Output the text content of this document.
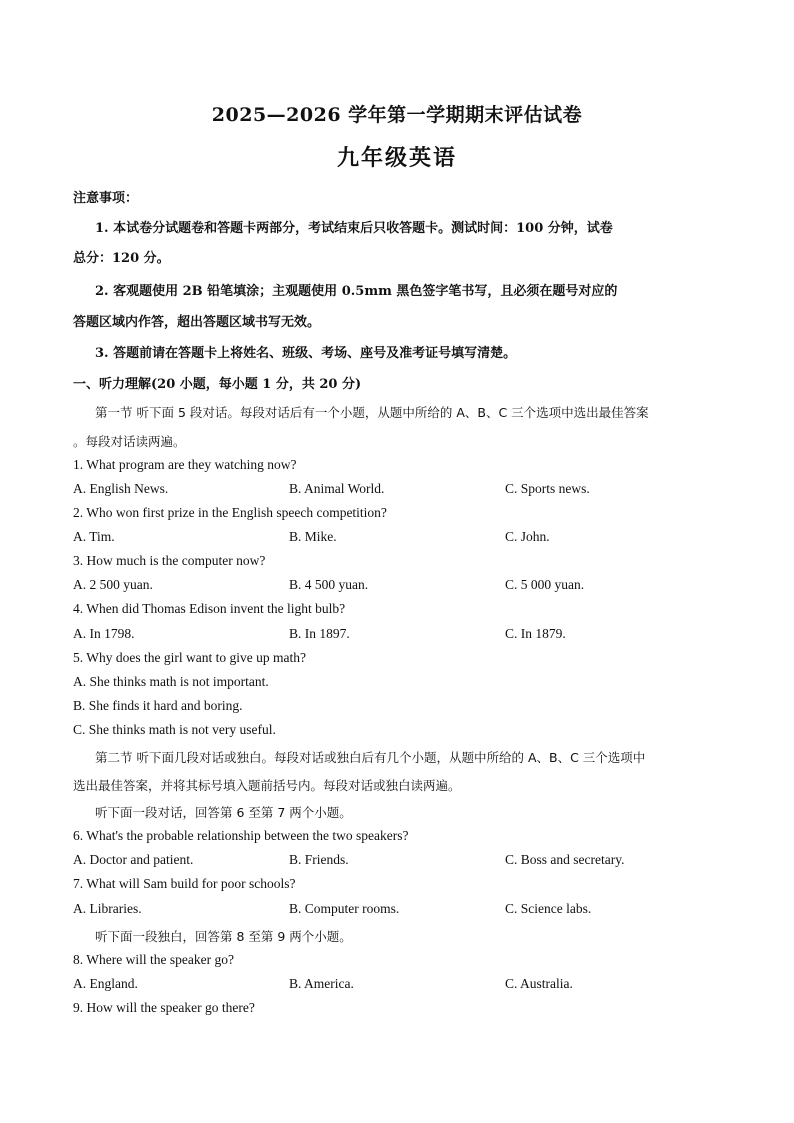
2025—2026 学年第一学期期末评估试卷
九年级英语
注意事项：
1. 本试卷分试题卷和答题卡两部分，考试结束后只收答题卡。测试时间：100 分钟，试卷
总分：120 分。
2. 客观题使用 2B 铅笔填涂；主观题使用 0.5mm 黑色签字笔书写，且必须在题号对应的
答题区域内作答，超出答题区域书写无效。
3. 答题前请在答题卡上将姓名、班级、考场、座号及准考证号填写清楚。
一、听力理解(20 小题，每小题 1 分，共 20 分)
第一节 听下面 5 段对话。每段对话后有一个小题，从题中所给的 A、B、C 三个选项中选出最佳答案
。每段对话读两遍。
1. What program are they watching now?
A. English News.	B. Animal World.	C. Sports news.
2. Who won first prize in the English speech competition?
A. Tim.	B. Mike.	C. John.
3. How much is the computer now?
A. 2 500 yuan.	B. 4 500 yuan.	C. 5 000 yuan.
4. When did Thomas Edison invent the light bulb?
A. In 1798.	B. In 1897.	C. In 1879.
5. Why does the girl want to give up math?
A. She thinks math is not important.
B. She finds it hard and boring.
C. She thinks math is not very useful.
第二节 听下面几段对话或独白。每段对话或独白后有几个小题，从题中所给的 A、B、C 三个选项中
选出最佳答案，并将其标号填入题前括号内。每段对话或独白读两遍。
听下面一段对话，回答第 6 至第 7 两个小题。
6. What's the probable relationship between the two speakers?
A. Doctor and patient.	B. Friends.	C. Boss and secretary.
7. What will Sam build for poor schools?
A. Libraries.	B. Computer rooms.	C. Science labs.
听下面一段独白，回答第 8 至第 9 两个小题。
8. Where will the speaker go?
A. England.	B. America.	C. Australia.
9. How will the speaker go there?
